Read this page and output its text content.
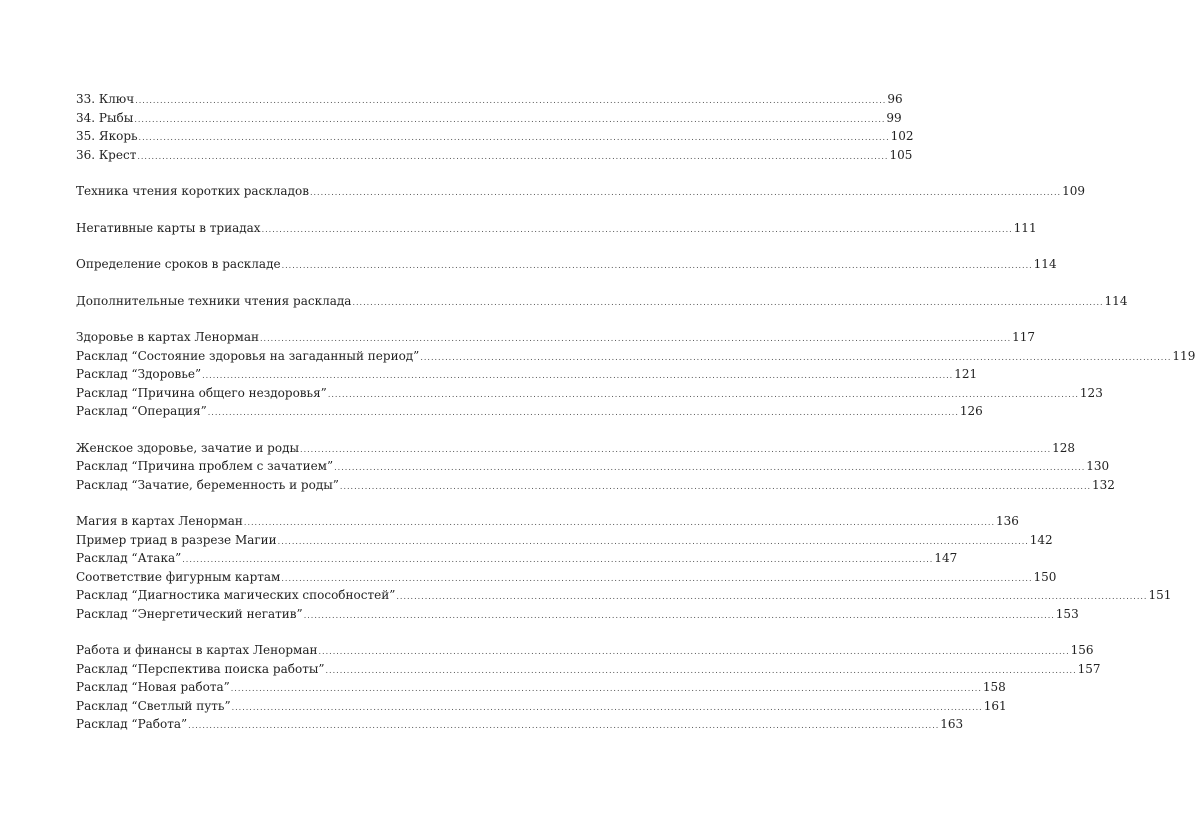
33. Ключ .....	96
34. Рыбы .....	99
35. Якорь .....	102
36. Крест .....	105
Техника чтения коротких раскладов .....	109
Негативные карты в триадах .....	111
Определение сроков в раскладе .....	114
Дополнительные техники чтения расклада .....	114
Здоровье в картах Ленорман .....	117
Расклад “Состояние здоровья на загаданный период” .....	119
Расклад “Здоровье” .....	121
Расклад “Причина общего нездоровья” .....	123
Расклад “Операция” .....	126
Женское здоровье, зачатие и роды .....	128
Расклад “Причина проблем с зачатием” .....	130
Расклад “Зачатие, беременность и роды” .....	132
Магия в картах Ленорман .....	136
Пример триад в разрезе Магии .....	142
Расклад “Атака” .....	147
Соответствие фигурным картам .....	150
Расклад “Диагностика магических способностей” .....	151
Расклад “Энергетический негатив” .....	153
Работа и финансы в картах Ленорман .....	156
Расклад “Перспектива поиска работы” .....	157
Расклад “Новая работа” .....	158
Расклад “Светлый путь” .....	161
Расклад “Работа” .....	163
